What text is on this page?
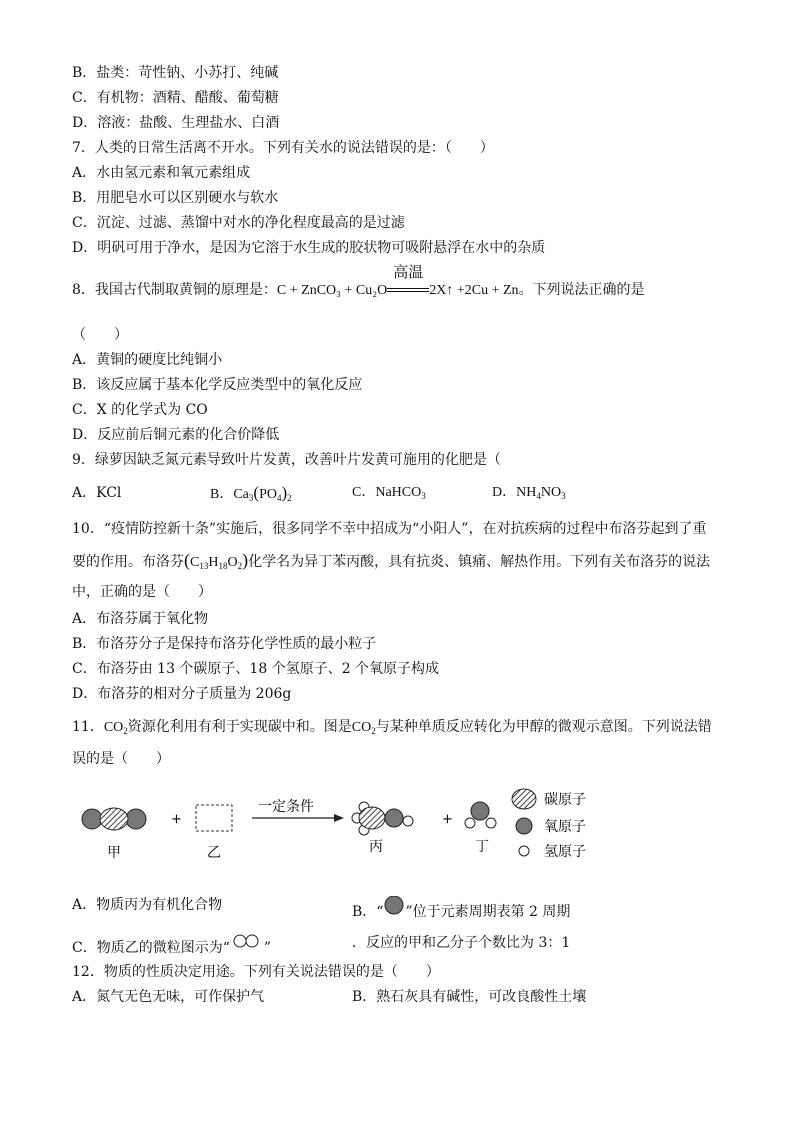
B．盐类：苛性钠、小苏打、纯碱
C．有机物：酒精、醋酸、葡萄糖
D．溶液：盐酸、生理盐水、白酒
7．人类的日常生活离不开水。下列有关水的说法错误的是：（　　）
A．水由氢元素和氧元素组成
B．用肥皂水可以区别硬水与软水
C．沉淀、过滤、蒸馏中对水的净化程度最高的是过滤
D．明矾可用于净水，是因为它溶于水生成的胶状物可吸附悬浮在水中的杂质
8．我国古代制取黄铜的原理是：C + ZnCO₃ + Cu₂O
高温
2X↑ +2Cu + Zn。下列说法正确的是
（　　）
A．黄铜的硬度比纯铜小
B．该反应属于基本化学反应类型中的氧化反应
C．X 的化学式为 CO
D．反应前后铜元素的化合价降低
9．绿萝因缺乏氮元素导致叶片发黄，改善叶片发黄可施用的化肥是（
A．KCl	B．Ca3(PO4)2	C．NaHCO3	D．NH4NO3
10．“疫情防控新十条”实施后，很多同学不幸中招成为“小阳人”，在对抗疾病的过程中布洛芬起到了重
要的作用。布洛芬$(C_{13}H_{18}O_2)$化学名为异丁苯丙酸，具有抗炎、镇痛、解热作用。下列有关布洛芬的说法
中，正确的是（　　）
A．布洛芬属于氧化物
B．布洛芬分子是保持布洛芬化学性质的最小粒子
C．布洛芬由 13 个碳原子、18 个氢原子、2 个氧原子构成
D．布洛芬的相对分子质量为 206g
11．$CO_2$资源化利用有利于实现碳中和。图是$CO_2$与某种单质反应转化为甲醇的微观示意图。下列说法错
误的是（　　）
+
一定条件
+
甲	乙	丙	丁
碳原子
氧原子
氢原子
A．物质丙为有机化合物	B．“ ”位于元素周期表第 2 周期
C．物质乙的微粒图示为“ ”	．反应的甲和乙分子个数比为 3：1
12．物质的性质决定用途。下列有关说法错误的是（　　）
A．氮气无色无味，可作保护气	B．熟石灰具有碱性，可改良酸性土壤
